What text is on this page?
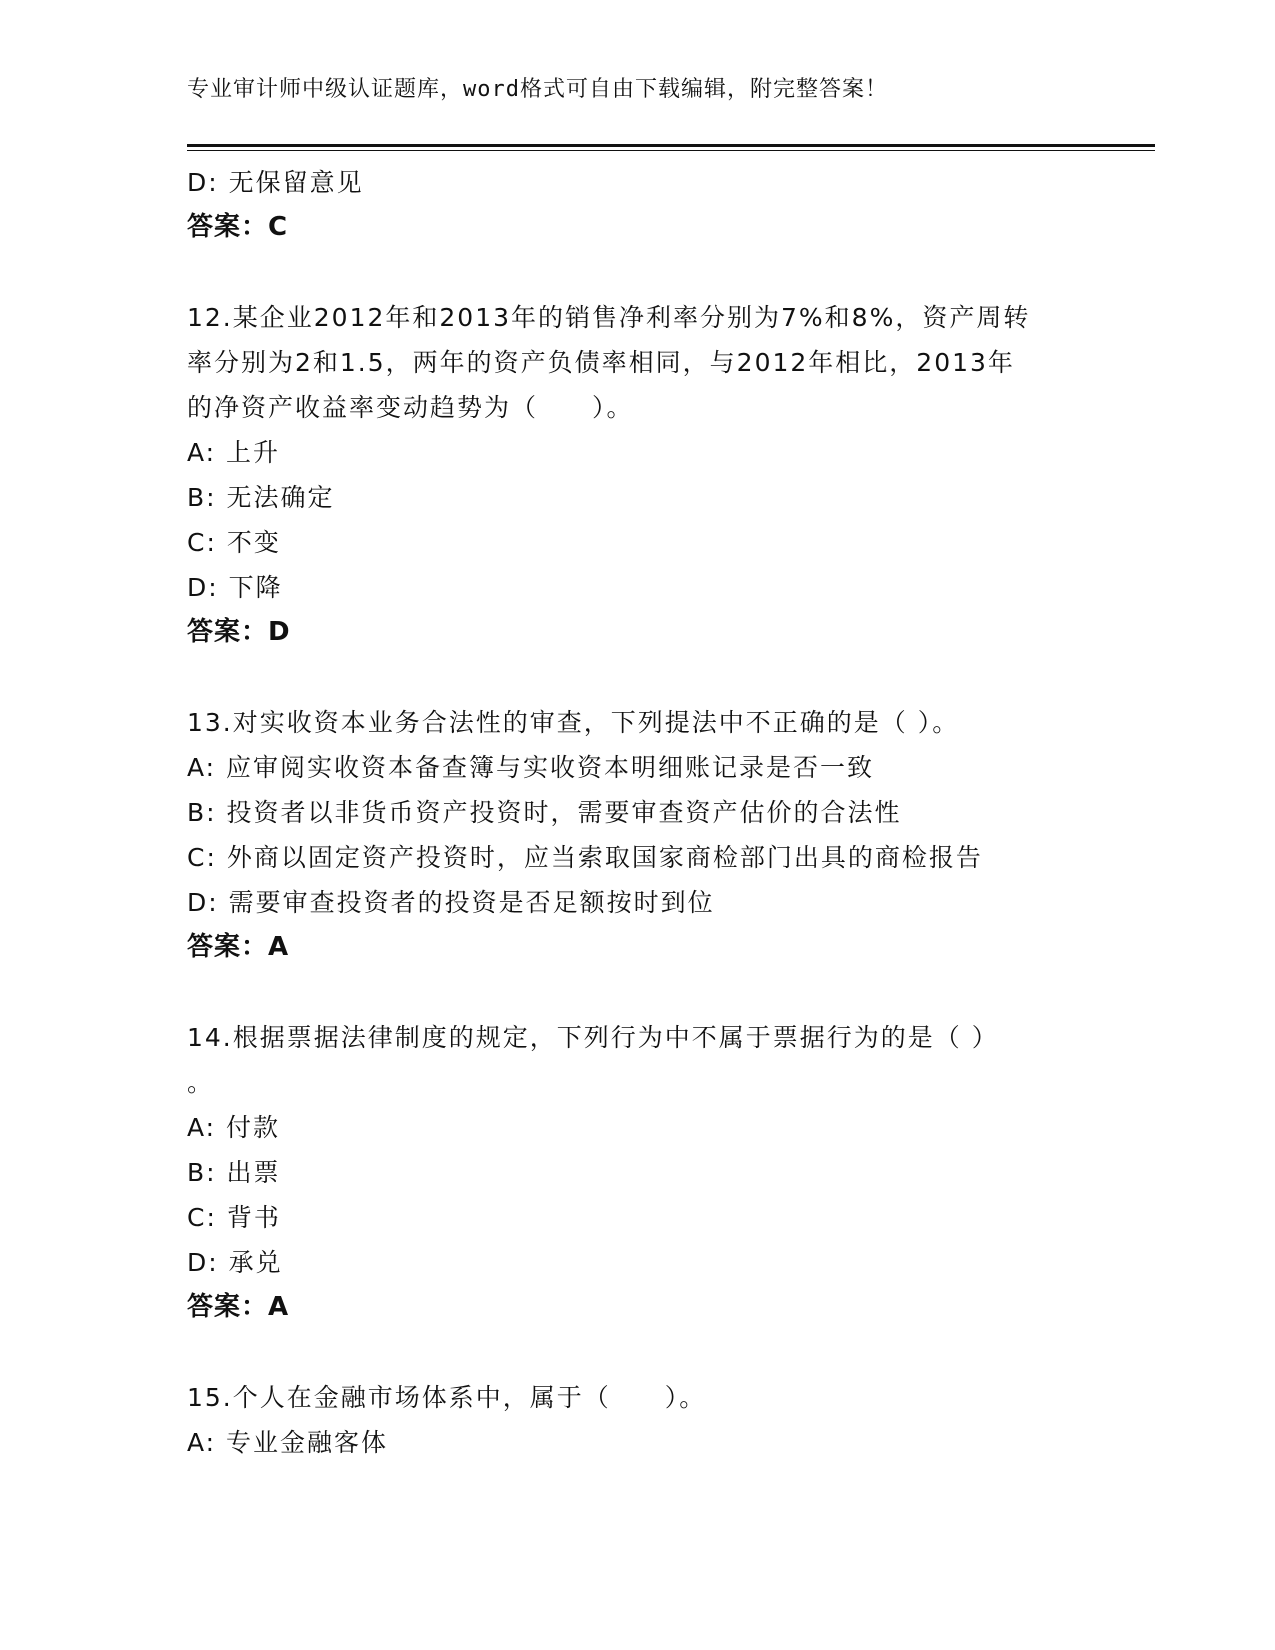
专业审计师中级认证题库，word格式可自由下载编辑，附完整答案！
D: 无保留意见
答案：C
12.某企业2012年和2013年的销售净利率分别为7%和8%，资产周转
率分别为2和1.5，两年的资产负债率相同，与2012年相比，2013年
的净资产收益率变动趋势为（　　）。
A: 上升
B: 无法确定
C: 不变
D: 下降
答案：D
13.对实收资本业务合法性的审查，下列提法中不正确的是（ ）。
A: 应审阅实收资本备查簿与实收资本明细账记录是否一致
B: 投资者以非货币资产投资时，需要审查资产估价的合法性
C: 外商以固定资产投资时，应当索取国家商检部门出具的商检报告
D: 需要审查投资者的投资是否足额按时到位
答案：A
14.根据票据法律制度的规定，下列行为中不属于票据行为的是（ ）
。
A: 付款
B: 出票
C: 背书
D: 承兑
答案：A
15.个人在金融市场体系中，属于（　　）。
A: 专业金融客体
